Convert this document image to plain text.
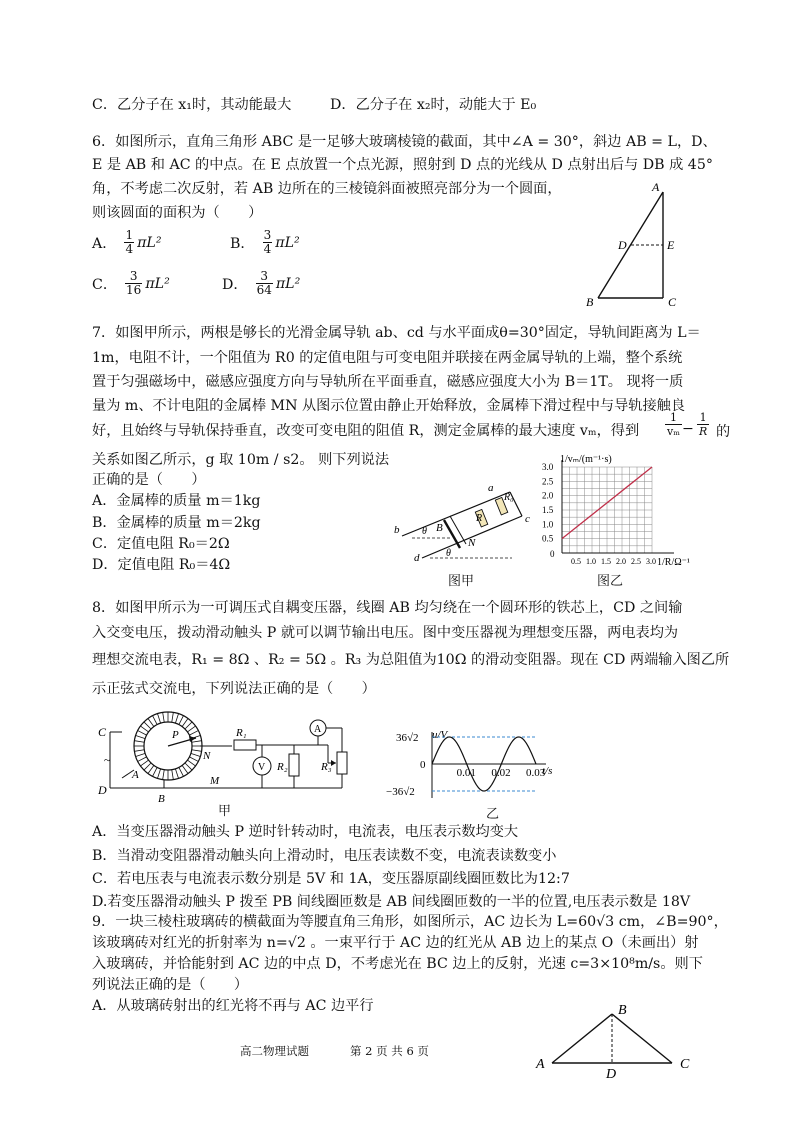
C．乙分子在 x₁时，其动能最大	D．乙分子在 x₂时，动能大于 E₀
6．如图所示，直角三角形 ABC 是一足够大玻璃棱镜的截面，其中∠A = 30°，斜边 AB = L，D、
E 是 AB 和 AC 的中点。在 E 点放置一个点光源，照射到 D 点的光线从 D 点射出后与 DB 成 45°
角，不考虑二次反射，若 AB 边所在的三棱镜斜面被照亮部分为一个圆面，
则该圆面的面积为（　　）
A． $\frac{1}{4} \pi L^2$	B． $\frac{3}{4} \pi L^2$
C． $\frac{3}{16} \pi L^2$	D． $\frac{3}{64} \pi L^2$
A
D	E
B	C
7．如图甲所示，两根是够长的光滑金属导轨 ab、cd 与水平面成θ=30°固定，导轨间距离为 L＝
1m，电阻不计，一个阻值为 R0 的定值电阻与可变电阻并联接在两金属导轨的上端，整个系统
置于匀强磁场中，磁感应强度方向与导轨所在平面垂直，磁感应强度大小为 B＝1T。 现将一质
量为 m、不计电阻的金属棒 MN 从图示位置由静止开始释放，金属棒下滑过程中与导轨接触良
好，且始终与导轨保持垂直，改变可变电阻的阻值 R，测定金属棒的最大速度 vₘ，得到 $\frac{1}{\text{vₘ}} - \frac{1}{R}$ 的
关系如图乙所示，g 取 10m / s2。 则下列说法
正确的是（　　）
A．金属棒的质量 m＝1kg
B．金属棒的质量 m＝2kg
C．定值电阻 R₀＝2Ω
D．定值电阻 R₀＝4Ω
a
b
c
d
R₀
R
B
N
θ
θ
图甲
1/vₘ/(m⁻¹·s)
0.5
1.0
1.5
2.0
2.5
3.0
0.5 1.0 1.5 2.0 2.5 3.0
0
1/R/Ω⁻¹
图乙
8．如图甲所示为一可调压式自耦变压器，线圈 AB 均匀绕在一个圆环形的铁芯上，CD 之间输
入交变电压，拨动滑动触头 P 就可以调节输出电压。图中变压器视为理想变压器，两电表均为
理想交流电表，R₁ = 8Ω 、R₂ = 5Ω 。R₃ 为总阻值为10Ω 的滑动变阻器。现在 CD 两端输入图乙所
示正弦式交流电，下列说法正确的是（　　）
C
D
A
B
P
N
M
R₁
R₂	R₃
A
V
~
甲
u/V
36√2
0
−36√2
0.01 0.02 0.03
t/s
乙
A．当变压器滑动触头 P 逆时针转动时，电流表，电压表示数均变大
B．当滑动变阻器滑动触头向上滑动时，电压表读数不变，电流表读数变小
C．若电压表与电流表示数分别是 5V 和 1A，变压器原副线圈匝数比为12:7
D.若变压器滑动触头 P 拨至 PB 间线圈匝数是 AB 间线圈匝数的一半的位置,电压表示数是 18V
9．一块三棱柱玻璃砖的横截面为等腰直角三角形，如图所示，AC 边长为 L=60√3 cm，∠B=90°，
该玻璃砖对红光的折射率为 n=√2 。一束平行于 AC 边的红光从 AB 边上的某点 O（未画出）射
入玻璃砖，并恰能射到 AC 边的中点 D，不考虑光在 BC 边上的反射，光速 c=3×10⁸m/s。则下
列说法正确的是（　　）
A．从玻璃砖射出的红光将不再与 AC 边平行	B
A	C
D
高二物理试题	第 2 页 共 6 页
